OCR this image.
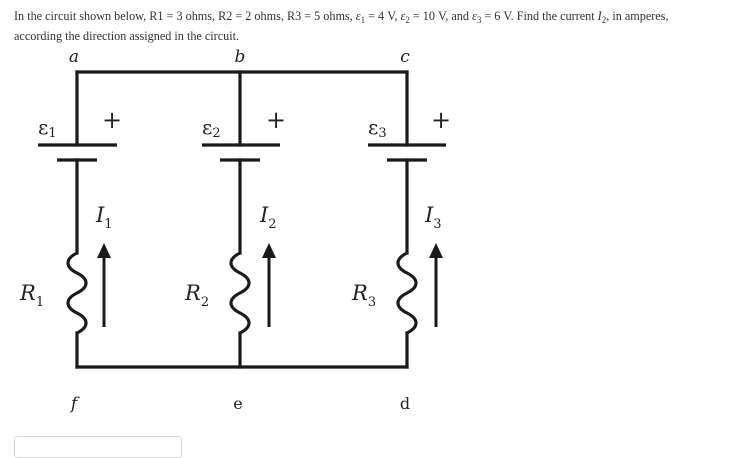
In the circuit shown below, R1 = 3 ohms, R2 = 2 ohms, R3 = 5 ohms, $\varepsilon_1 = 4$ V, $\varepsilon_2 = 10$ V, and $\varepsilon_3 = 6$ V. Find the current $I_2$, in amperes,

according the direction assigned in the circuit.

a	b	c
f	e	d
+
ε1
$I_1$
$R_1$
+
ε2
$I_2$
$R_2$
+
ε3
$I_3$
$R_3$
